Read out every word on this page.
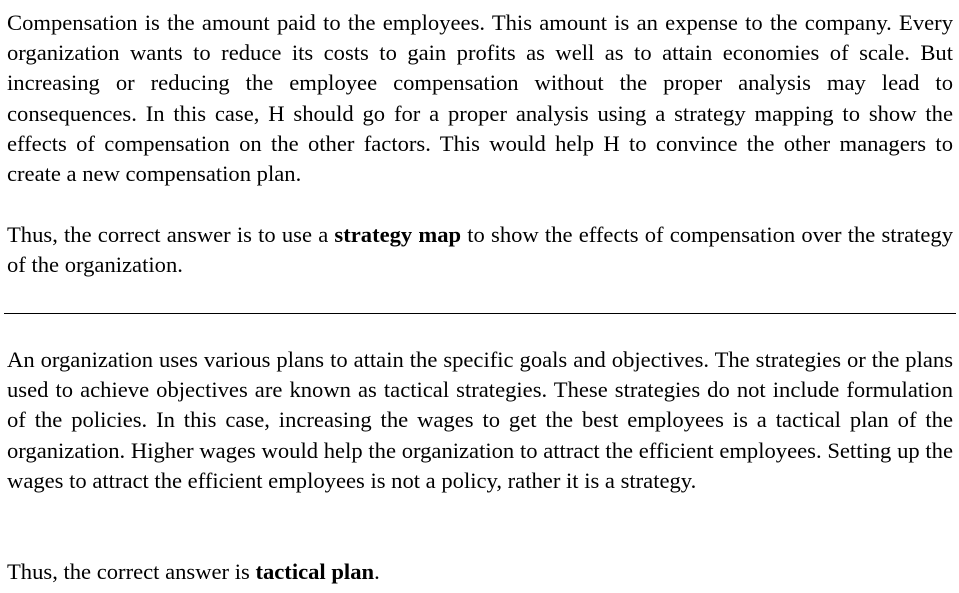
Compensation is the amount paid to the employees. This amount is an expense to the company. Every organization wants to reduce its costs to gain profits as well as to attain economies of scale. But increasing or reducing the employee compensation without the proper analysis may lead to consequences. In this case, H should go for a proper analysis using a strategy mapping to show the effects of compensation on the other factors. This would help H to convince the other managers to create a new compensation plan.

Thus, the correct answer is to use a strategy map to show the effects of compensation over the strategy of the organization.

An organization uses various plans to attain the specific goals and objectives. The strategies or the plans used to achieve objectives are known as tactical strategies. These strategies do not include formulation of the policies. In this case, increasing the wages to get the best employees is a tactical plan of the organization. Higher wages would help the organization to attract the efficient employees. Setting up the wages to attract the efficient employees is not a policy, rather it is a strategy.

Thus, the correct answer is tactical plan.
